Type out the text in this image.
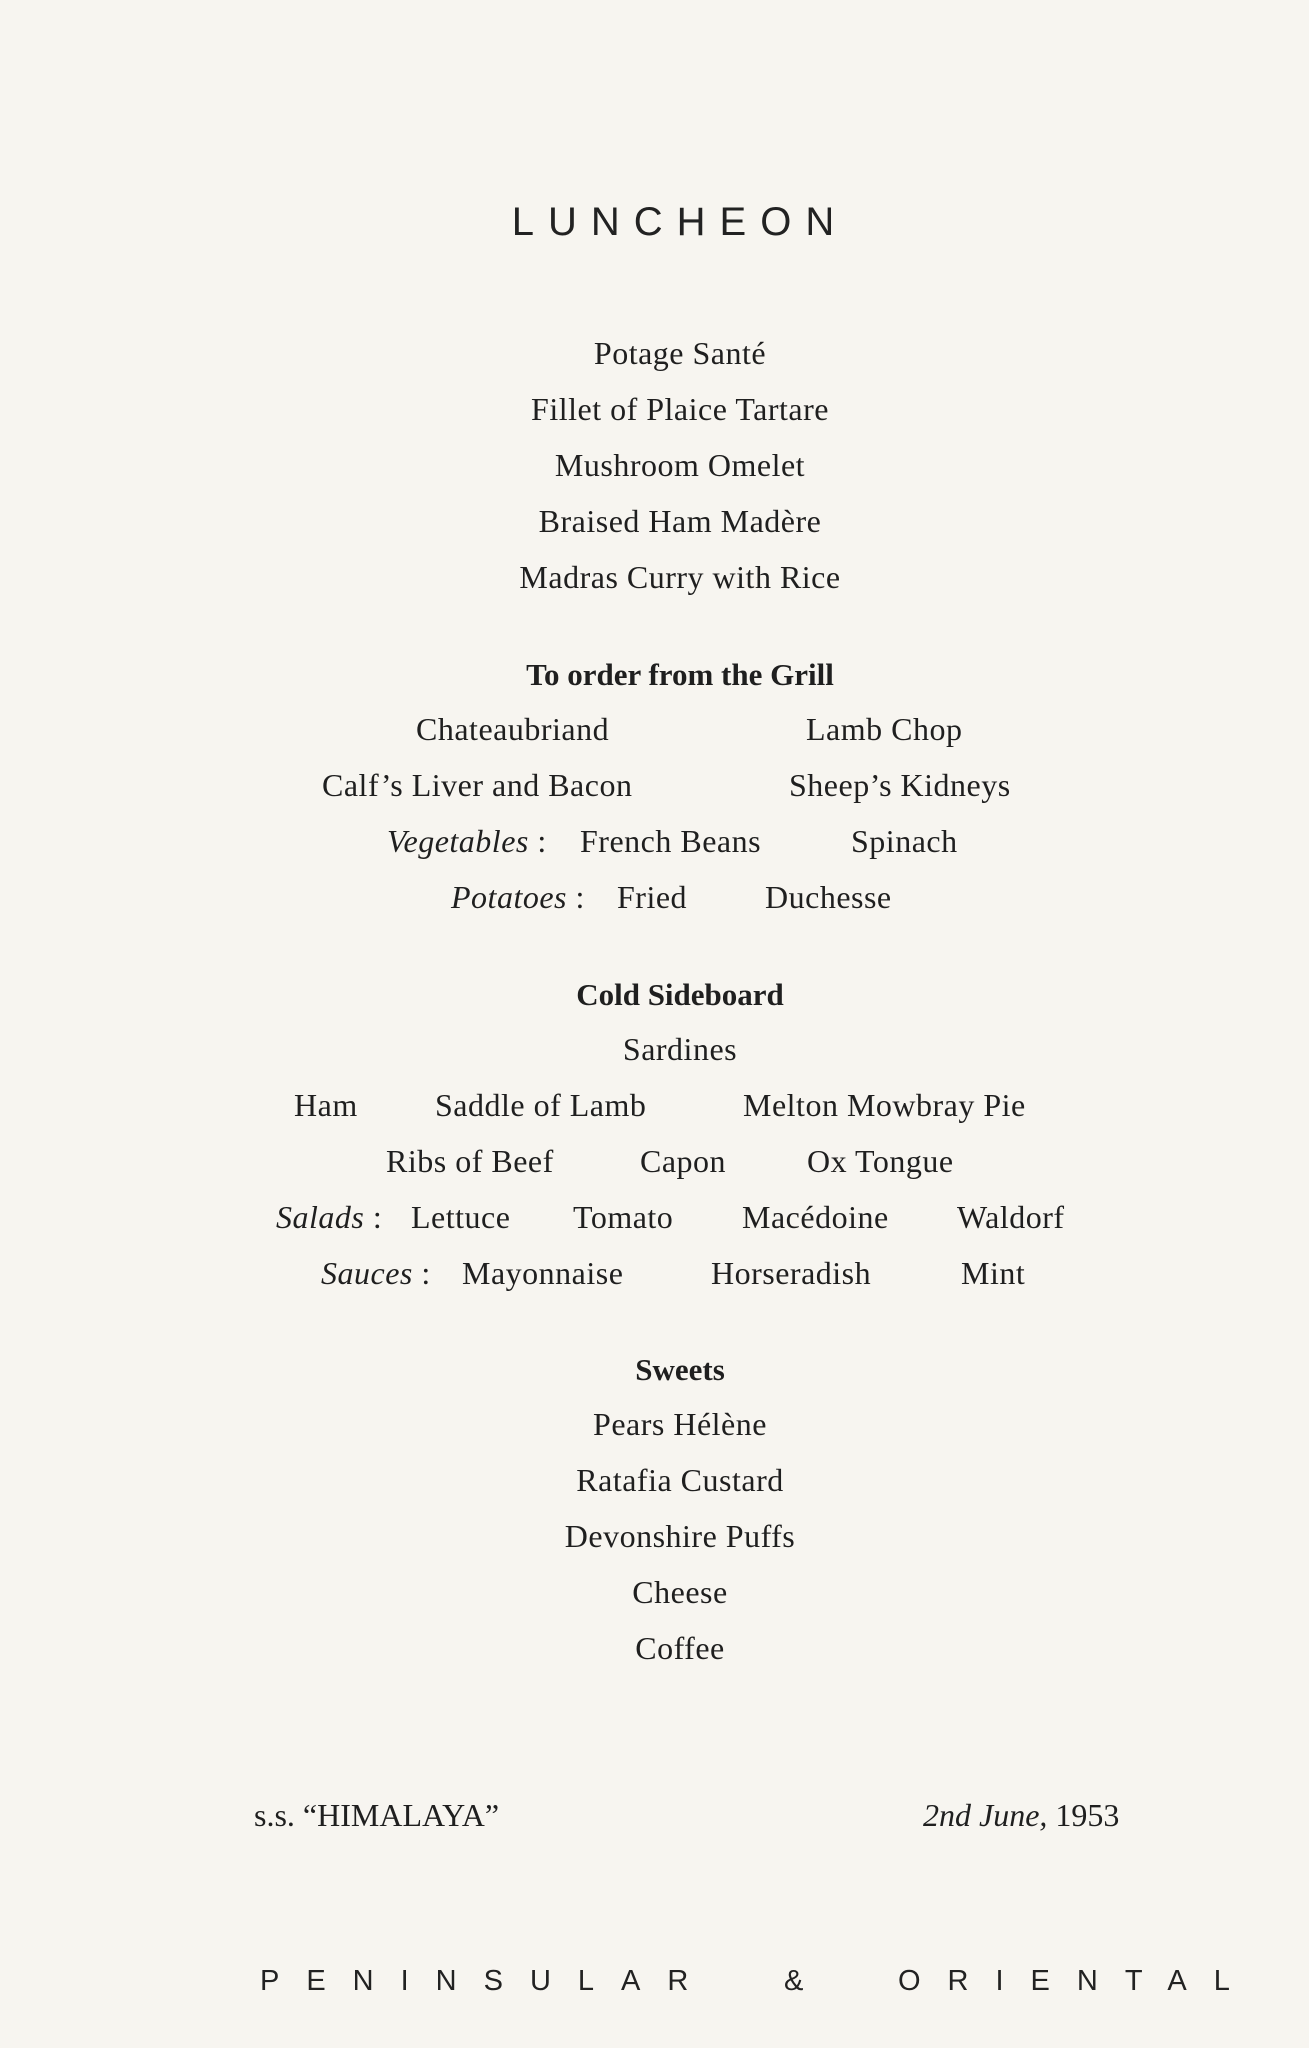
LUNCHEON
Potage Santé
Fillet of Plaice Tartare
Mushroom Omelet
Braised Ham Madère
Madras Curry with Rice
To order from the Grill
Chateaubriand	Lamb Chop
Calf’s Liver and Bacon	Sheep’s Kidneys
Vegetables : French Beans	Spinach
Potatoes : Fried Duchesse
Cold Sideboard
Sardines
Ham Saddle of Lamb	Melton Mowbray Pie
Ribs of Beef	Capon	Ox Tongue
Salads : Lettuce Tomato Macédoine Waldorf
Sauces : Mayonnaise	Horseradish	Mint
Sweets
Pears Hélène
Ratafia Custard
Devonshire Puffs
Cheese
Coffee
s.s. “HIMALAYA”	2nd June, 1953
PENINSULAR & ORIENTAL
